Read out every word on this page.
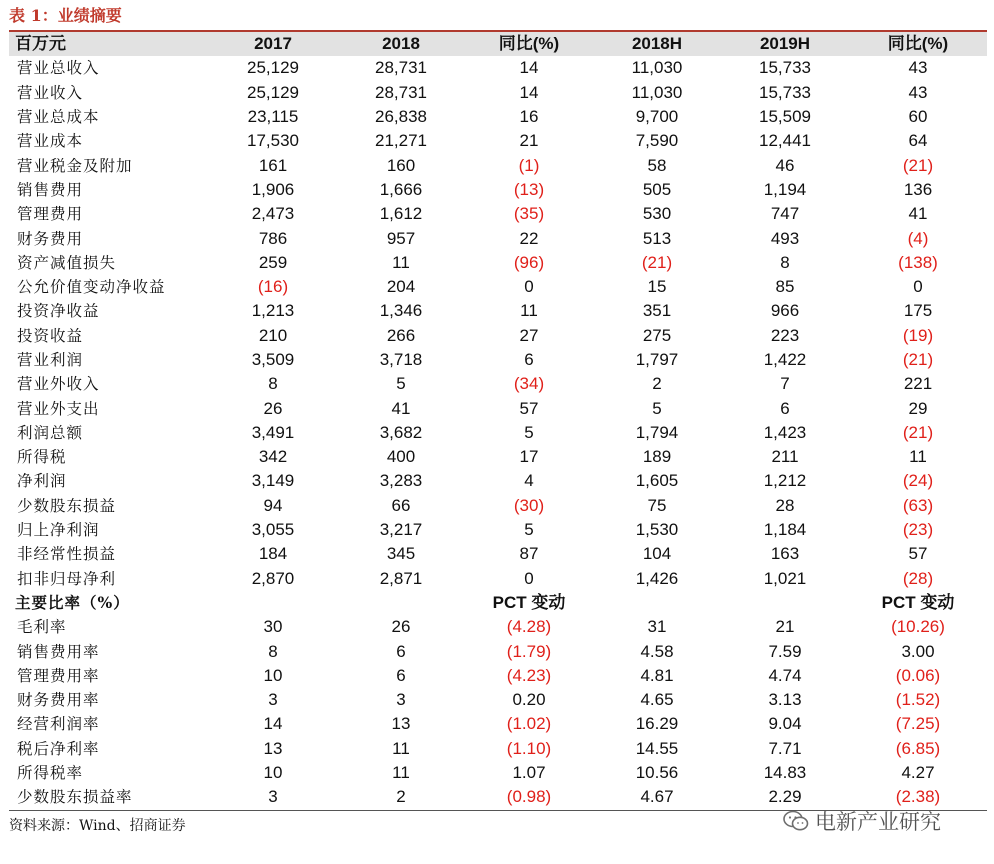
表 1：业绩摘要
百万元	2017	2018	同比(%)	2018H	2019H	同比(%)
营业总收入	25,129	28,731	14	11,030	15,733	43
营业收入	25,129	28,731	14	11,030	15,733	43
营业总成本	23,115	26,838	16	9,700	15,509	60
营业成本	17,530	21,271	21	7,590	12,441	64
营业税金及附加	161	160	(1)	58	46	(21)
销售费用	1,906	1,666	(13)	505	1,194	136
管理费用	2,473	1,612	(35)	530	747	41
财务费用	786	957	22	513	493	(4)
资产减值损失	259	11	(96)	(21)	8	(138)
公允价值变动净收益	(16)	204	0	15	85	0
投资净收益	1,213	1,346	11	351	966	175
投资收益	210	266	27	275	223	(19)
营业利润	3,509	3,718	6	1,797	1,422	(21)
营业外收入	8	5	(34)	2	7	221
营业外支出	26	41	57	5	6	29
利润总额	3,491	3,682	5	1,794	1,423	(21)
所得税	342	400	17	189	211	11
净利润	3,149	3,283	4	1,605	1,212	(24)
少数股东损益	94	66	(30)	75	28	(63)
归上净利润	3,055	3,217	5	1,530	1,184	(23)
非经常性损益	184	345	87	104	163	57
扣非归母净利	2,870	2,871	0	1,426	1,021	(28)
主要比率（%）			PCT 变动			PCT 变动
毛利率	30	26	(4.28)	31	21	(10.26)
销售费用率	8	6	(1.79)	4.58	7.59	3.00
管理费用率	10	6	(4.23)	4.81	4.74	(0.06)
财务费用率	3	3	0.20	4.65	3.13	(1.52)
经营利润率	14	13	(1.02)	16.29	9.04	(7.25)
税后净利率	13	11	(1.10)	14.55	7.71	(6.85)
所得税率	10	11	1.07	10.56	14.83	4.27
少数股东损益率	3	2	(0.98)	4.67	2.29	(2.38)
资料来源：Wind、招商证券	电新产业研究
